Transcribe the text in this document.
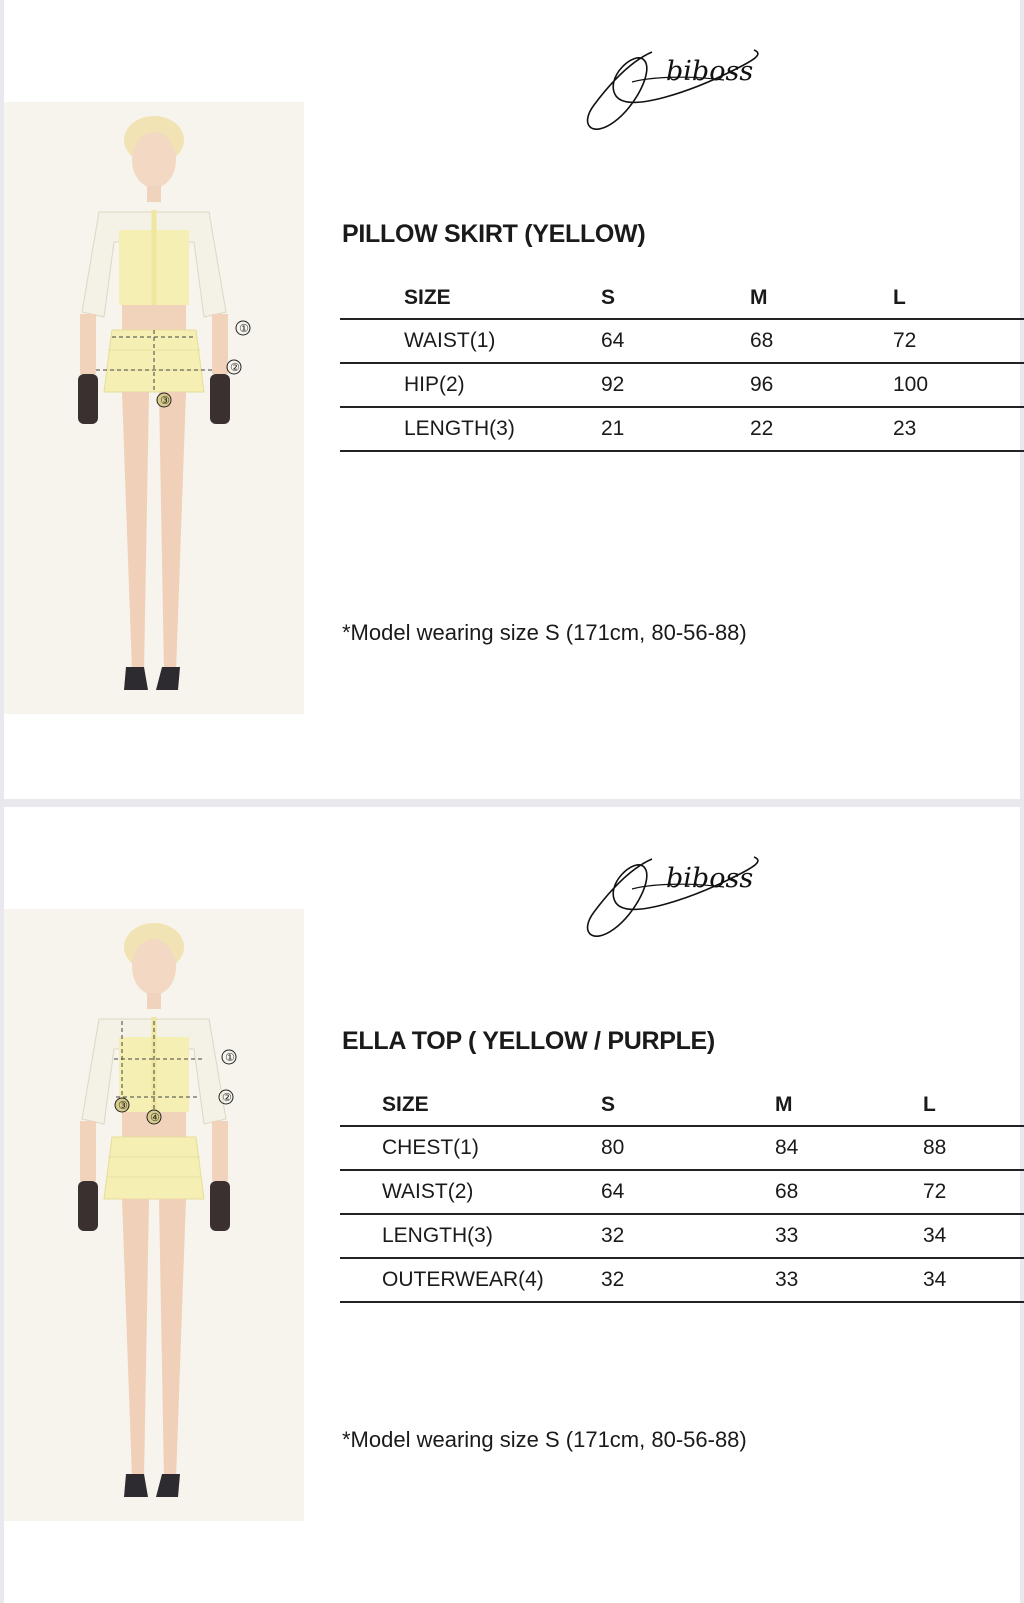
biboss
①
②
③
PILLOW SKIRT (YELLOW)
SIZE	S	M	L
WAIST(1)	64	68	72
HIP(2)	92	96	100
LENGTH(3)	21	22	23

*Model wearing size S (171cm, 80-56-88)

biboss
①
②
③
④
ELLA TOP ( YELLOW / PURPLE)
SIZE	S	M	L
CHEST(1)	80	84	88
WAIST(2)	64	68	72
LENGTH(3)	32	33	34
OUTERWEAR(4)	32	33	34

*Model wearing size S (171cm, 80-56-88)
